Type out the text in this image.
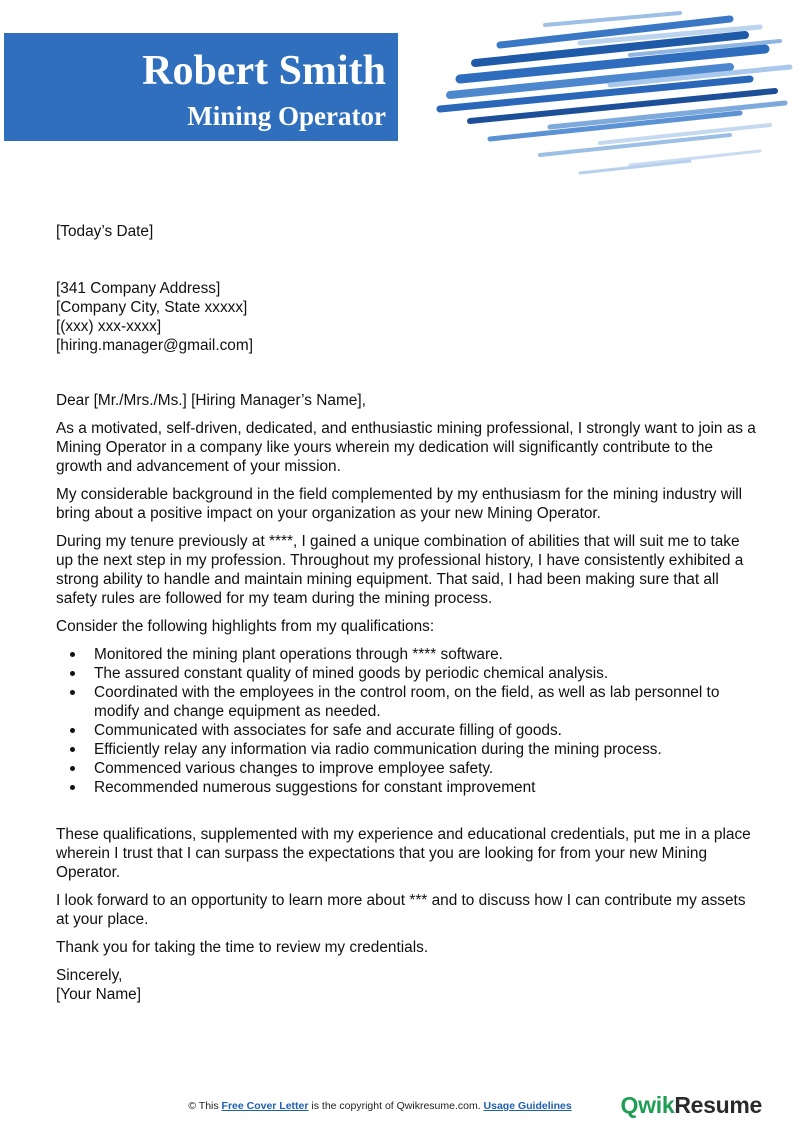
Robert Smith
Mining Operator

[Today’s Date]

[341 Company Address]

[Company City, State xxxxx]

[(xxx) xxx-xxxx]

[hiring.manager@gmail.com]

Dear [Mr./Mrs./Ms.] [Hiring Manager’s Name],

As a motivated, self-driven, dedicated, and enthusiastic mining professional, I strongly want to join as a Mining Operator in a company like yours wherein my dedication will significantly contribute to the growth and advancement of your mission.

My considerable background in the field complemented by my enthusiasm for the mining industry will bring about a positive impact on your organization as your new Mining Operator.

During my tenure previously at ****, I gained a unique combination of abilities that will suit me to take up the next step in my profession. Throughout my professional history, I have consistently exhibited a strong ability to handle and maintain mining equipment. That said, I had been making sure that all safety rules are followed for my team during the mining process.

Consider the following highlights from my qualifications:

Monitored the mining plant operations through **** software.
The assured constant quality of mined goods by periodic chemical analysis.
Coordinated with the employees in the control room, on the field, as well as lab personnel to modify and change equipment as needed.
Communicated with associates for safe and accurate filling of goods.
Efficiently relay any information via radio communication during the mining process.
Commenced various changes to improve employee safety.
Recommended numerous suggestions for constant improvement

These qualifications, supplemented with my experience and educational credentials, put me in a place wherein I trust that I can surpass the expectations that you are looking for from your new Mining Operator.

I look forward to an opportunity to learn more about *** and to discuss how I can contribute my assets at your place.

Thank you for taking the time to review my credentials.

Sincerely,

[Your Name]

© This Free Cover Letter is the copyright of Qwikresume.com. Usage Guidelines	QwikResume
